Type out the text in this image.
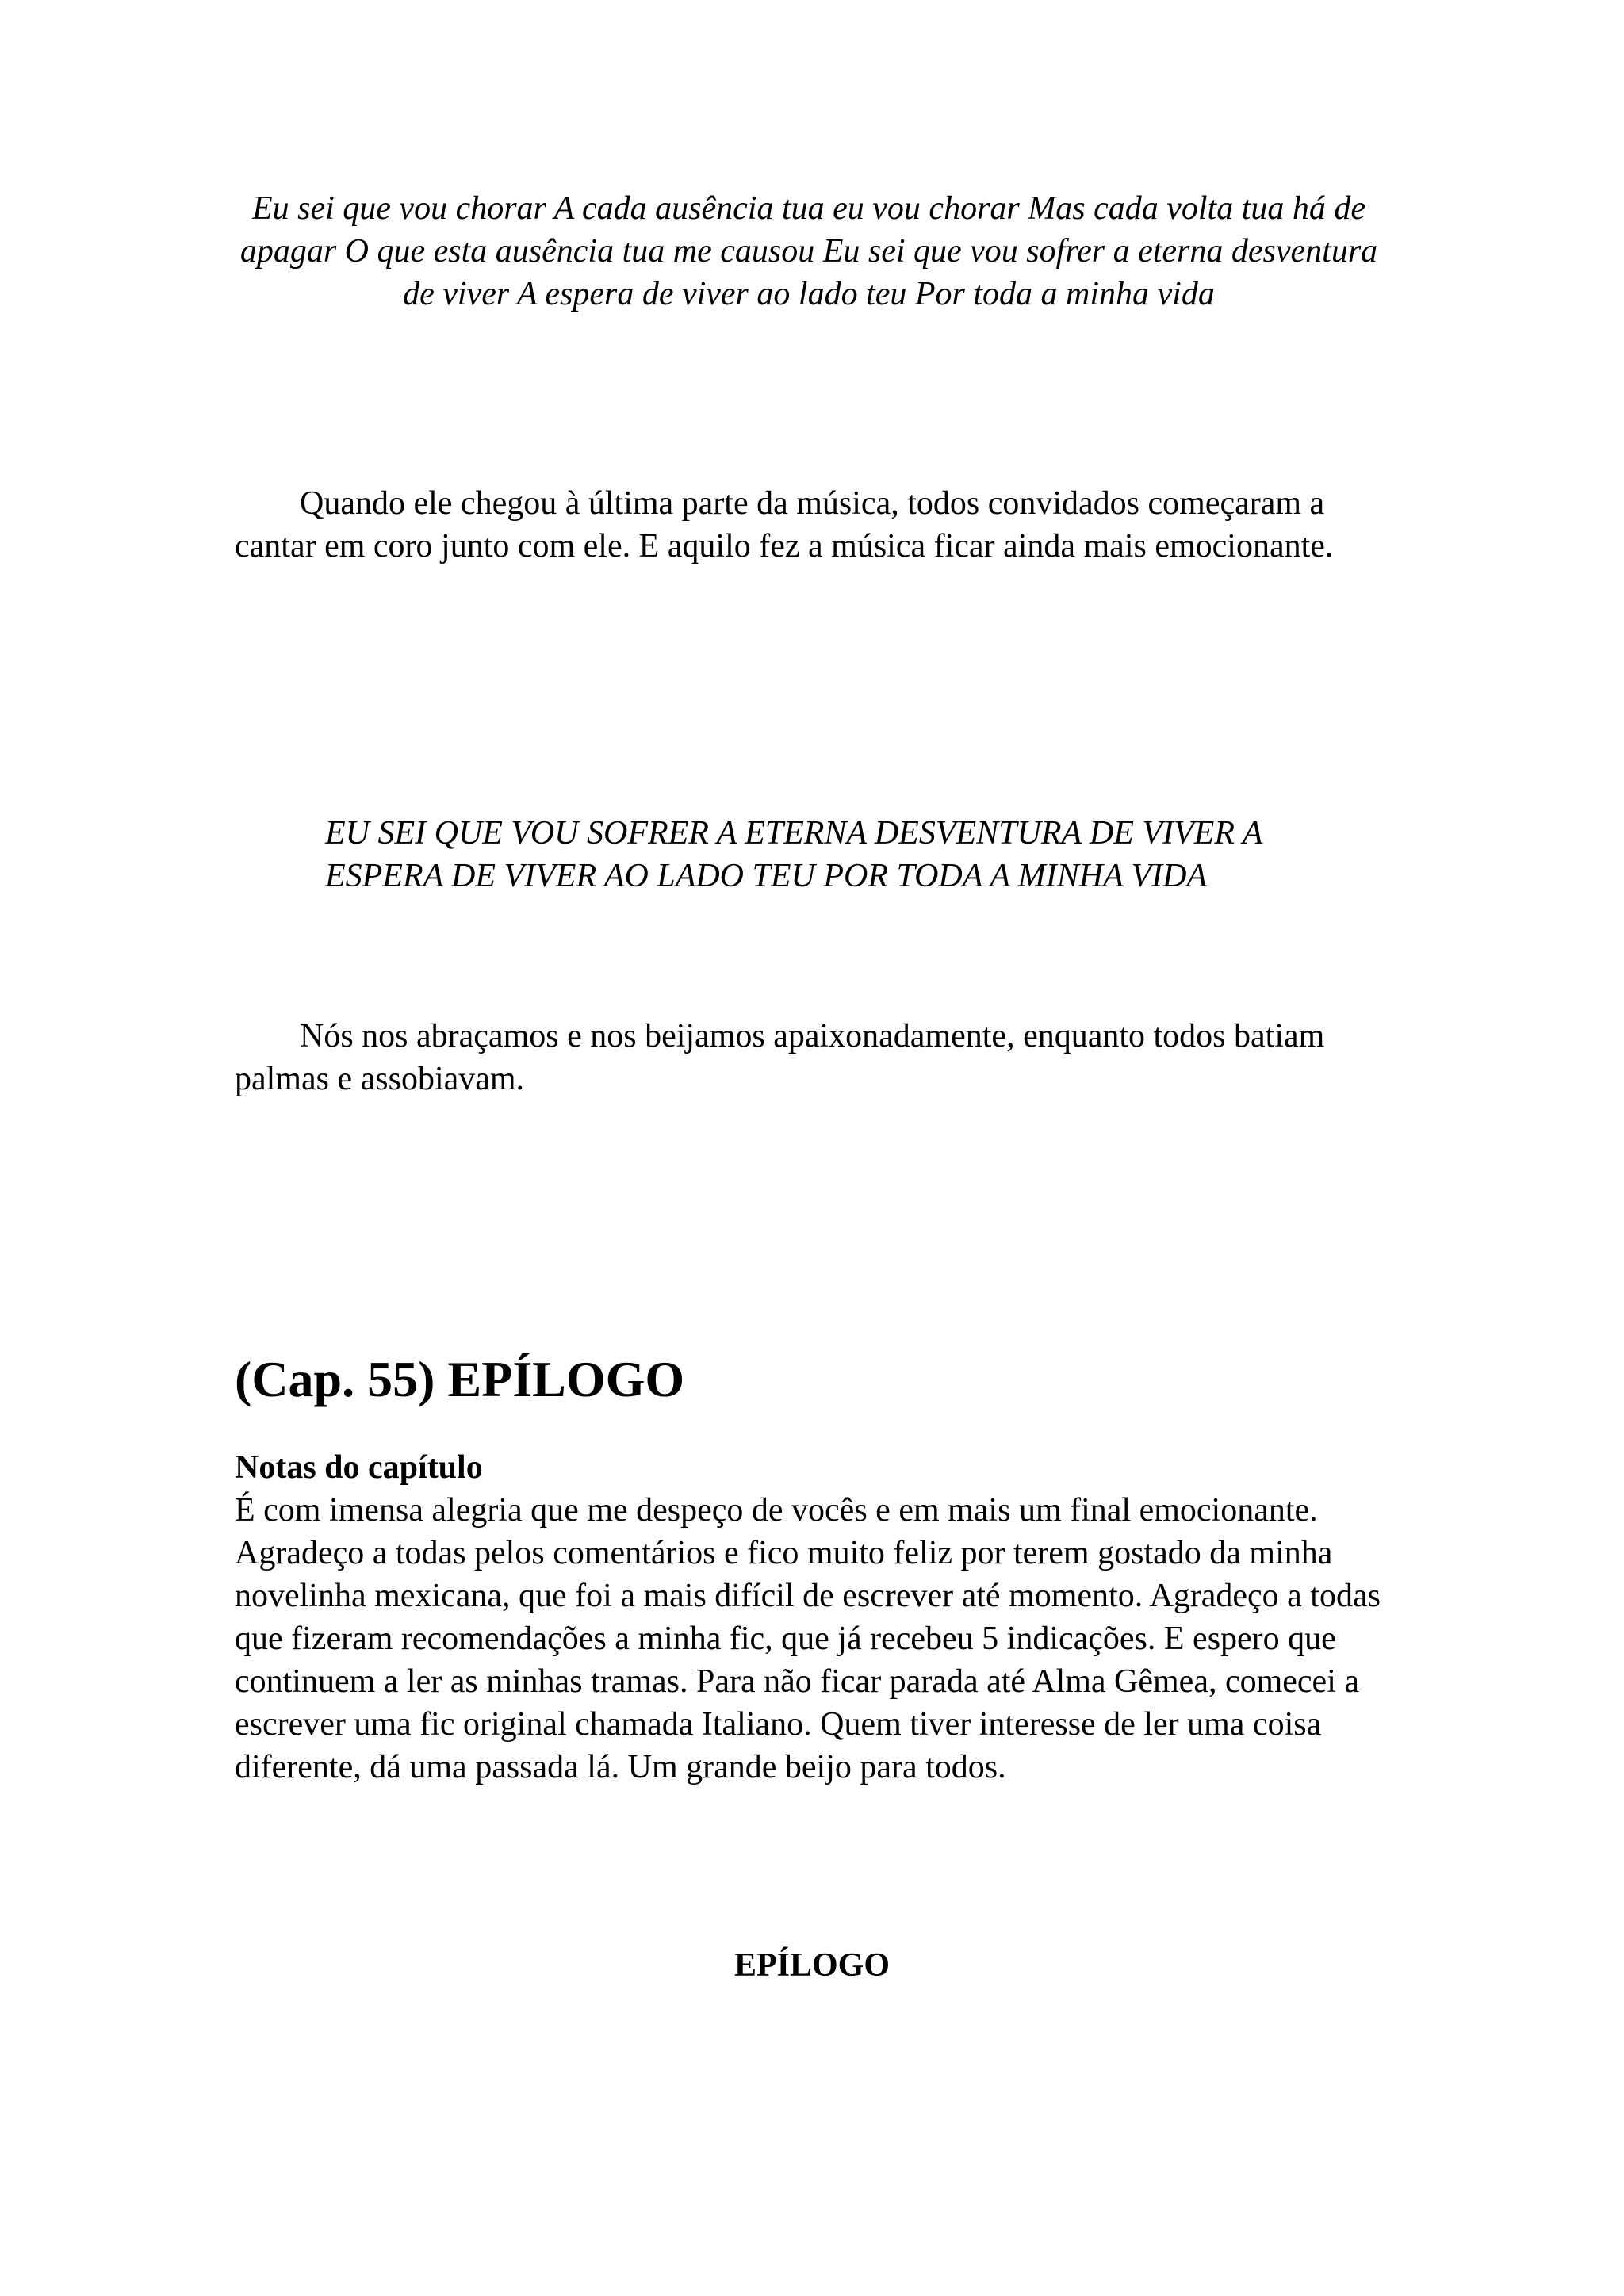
Eu sei que vou chorar A cada ausência tua eu vou chorar Mas cada volta tua há de apagar O que esta ausência tua me causou Eu sei que vou sofrer a eterna desventura de viver A espera de viver ao lado teu Por toda a minha vida

Quando ele chegou à última parte da música, todos convidados começaram a cantar em coro junto com ele. E aquilo fez a música ficar ainda mais emocionante.

EU SEI QUE VOU SOFRER A ETERNA DESVENTURA DE VIVER A ESPERA DE VIVER AO LADO TEU POR TODA A MINHA VIDA

Nós nos abraçamos e nos beijamos apaixonadamente, enquanto todos batiam palmas e assobiavam.

(Cap. 55) EPÍLOGO
Notas do capítulo

É com imensa alegria que me despeço de vocês e em mais um final emocionante. Agradeço a todas pelos comentários e fico muito feliz por terem gostado da minha novelinha mexicana, que foi a mais difícil de escrever até momento. Agradeço a todas que fizeram recomendações a minha fic, que já recebeu 5 indicações. E espero que continuem a ler as minhas tramas. Para não ficar parada até Alma Gêmea, comecei a escrever uma fic original chamada Italiano. Quem tiver interesse de ler uma coisa diferente, dá uma passada lá. Um grande beijo para todos.

EPÍLOGO
